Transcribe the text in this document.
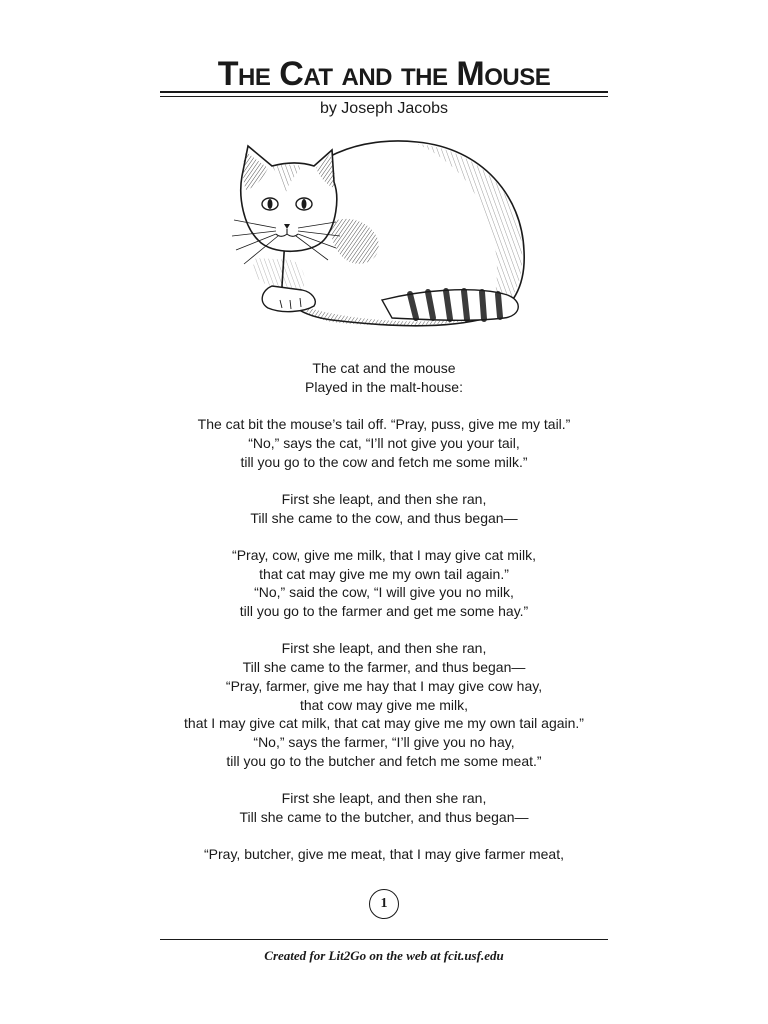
The Cat and the Mouse

by Joseph Jacobs

The cat and the mouse
Played in the malt-house:

The cat bit the mouse’s tail off. “Pray, puss, give me my tail.”
“No,” says the cat, “I’ll not give you your tail,
till you go to the cow and fetch me some milk.”

First she leapt, and then she ran,
Till she came to the cow, and thus began—

“Pray, cow, give me milk, that I may give cat milk,
that cat may give me my own tail again.”
“No,” said the cow, “I will give you no milk,
till you go to the farmer and get me some hay.”

First she leapt, and then she ran,
Till she came to the farmer, and thus began—
“Pray, farmer, give me hay that I may give cow hay,
that cow may give me milk,
that I may give cat milk, that cat may give me my own tail again.”
“No,” says the farmer, “I’ll give you no hay,
till you go to the butcher and fetch me some meat.”

First she leapt, and then she ran,
Till she came to the butcher, and thus began—

“Pray, butcher, give me meat, that I may give farmer meat,

1

Created for Lit2Go on the web at fcit.usf.edu
